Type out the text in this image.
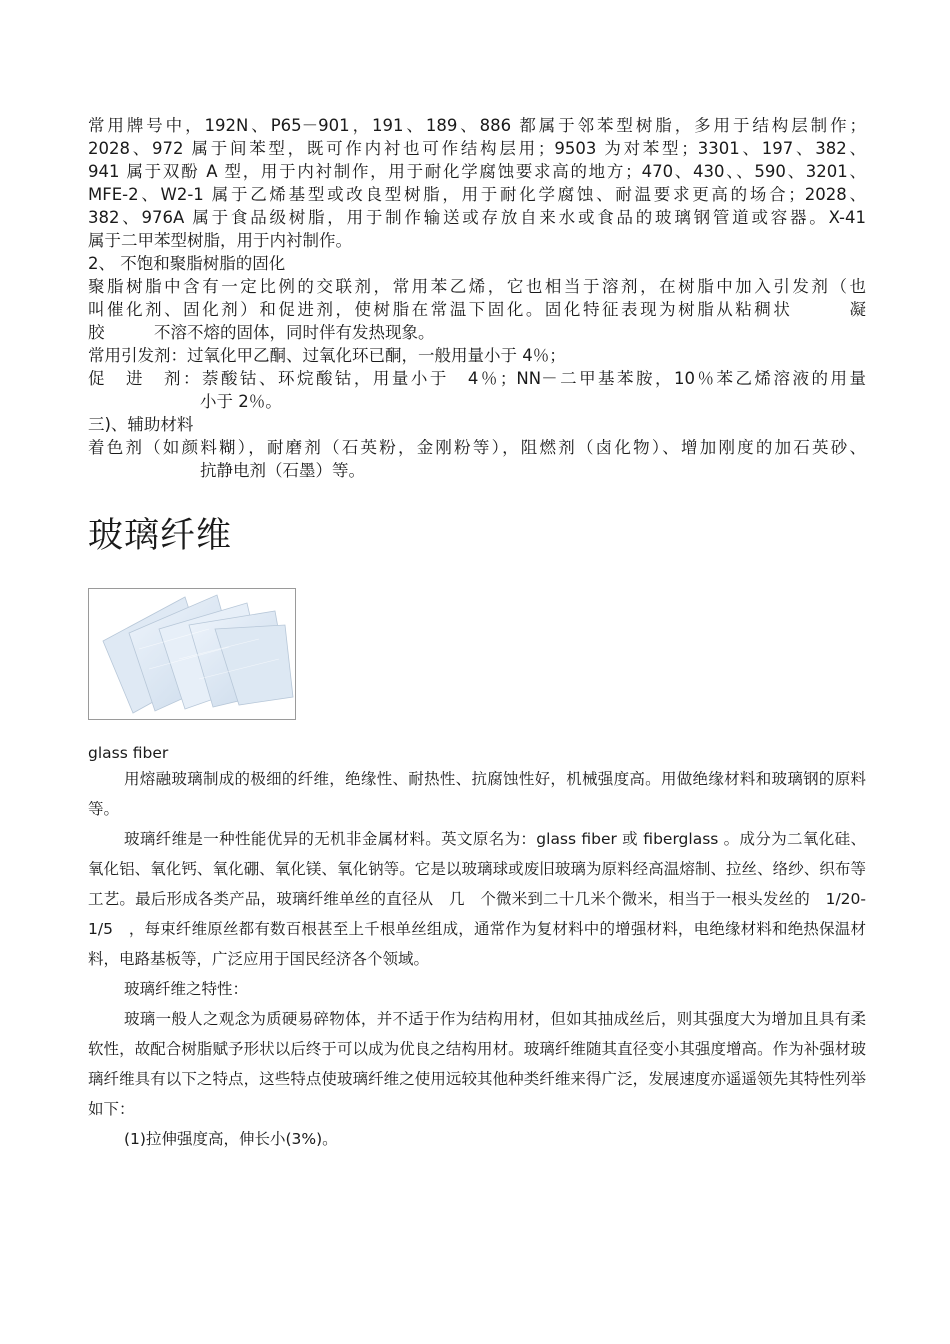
常用牌号中，192N、P65－901，191、189、886 都属于邻苯型树脂，多用于结构层制作；

2028、972 属于间苯型，既可作内衬也可作结构层用；9503 为对苯型；3301、197、382、

941 属于双酚 A 型，用于内衬制作，用于耐化学腐蚀要求高的地方；470、430、、590、3201、

MFE-2、W2-1 属于乙烯基型或改良型树脂，用于耐化学腐蚀、耐温要求更高的场合；2028、

382、976A 属于食品级树脂，用于制作输送或存放自来水或食品的玻璃钢管道或容器。X-41

属于二甲苯型树脂，用于内衬制作。

2、 不饱和聚脂树脂的固化

聚脂树脂中含有一定比例的交联剂，常用苯乙烯，它也相当于溶剂，在树脂中加入引发剂（也

叫催化剂、固化剂）和促进剂，使树脂在常温下固化。固化特征表现为树脂从粘稠状　　　凝

胶　　　不溶不熔的固体，同时伴有发热现象。

常用引发剂：过氧化甲乙酮、过氧化环已酮，一般用量小于 4％；

促　进　剂：萘酸钴、环烷酸钴，用量小于　4％；NN－二甲基苯胺，10％苯乙烯溶液的用量

小于 2％。

三)、辅助材料

着色剂（如颜料糊），耐磨剂（石英粉，金刚粉等），阻燃剂（卤化物）、增加刚度的加石英砂、

抗静电剂（石墨）等。

玻璃纤维
glass fiber

用熔融玻璃制成的极细的纤维，绝缘性、耐热性、抗腐蚀性好，机械强度高。用做绝缘材料和玻璃钢的原料等。

玻璃纤维是一种性能优异的无机非金属材料。英文原名为：glass fiber 或 fiberglass 。成分为二氧化硅、氧化铝、氧化钙、氧化硼、氧化镁、氧化钠等。它是以玻璃球或废旧玻璃为原料经高温熔制、拉丝、络纱、织布等工艺。最后形成各类产品，玻璃纤维单丝的直径从　几　个微米到二十几米个微米，相当于一根头发丝的　1/20-1/5　，每束纤维原丝都有数百根甚至上千根单丝组成，通常作为复材料中的增强材料，电绝缘材料和绝热保温材料，电路基板等，广泛应用于国民经济各个领域。

玻璃纤维之特性：

玻璃一般人之观念为质硬易碎物体，并不适于作为结构用材，但如其抽成丝后，则其强度大为增加且具有柔软性，故配合树脂赋予形状以后终于可以成为优良之结构用材。玻璃纤维随其直径变小其强度增高。作为补强材玻璃纤维具有以下之特点，这些特点使玻璃纤维之使用远较其他种类纤维来得广泛，发展速度亦遥遥领先其特性列举如下：

(1)拉伸强度高，伸长小(3%)。
